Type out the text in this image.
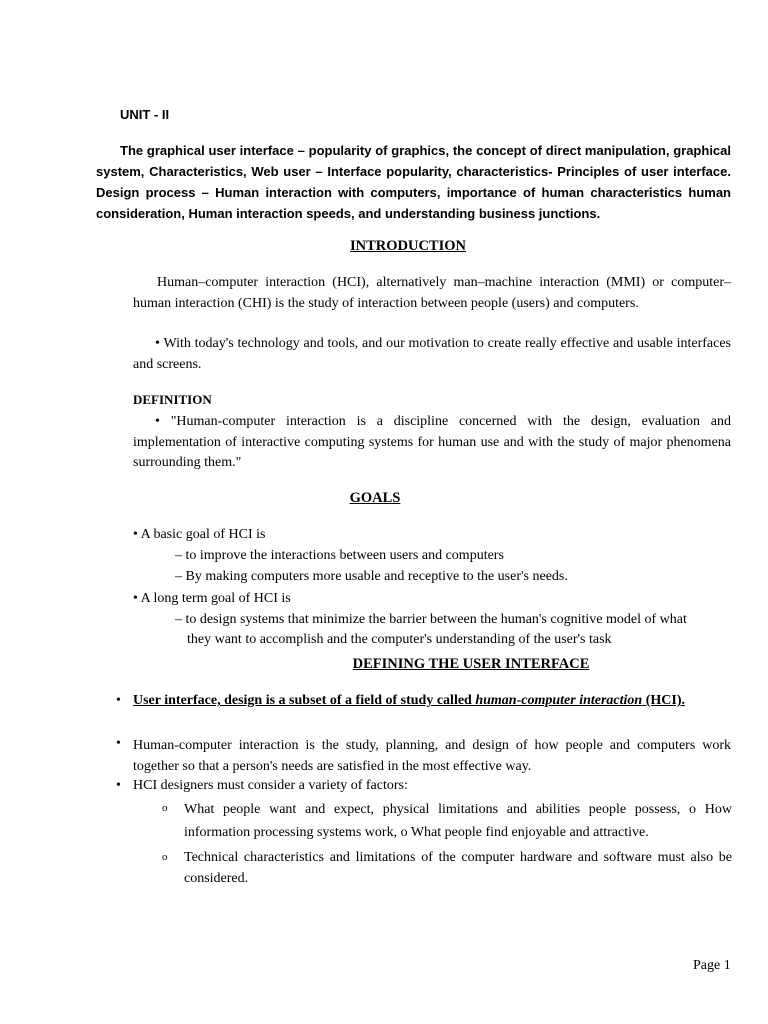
UNIT - II
The graphical user interface – popularity of graphics, the concept of direct manipulation, graphical system, Characteristics, Web user – Interface popularity, characteristics- Principles of user interface. Design process – Human interaction with computers, importance of human characteristics human consideration, Human interaction speeds, and understanding business junctions.
INTRODUCTION
Human–computer interaction (HCI), alternatively man–machine interaction (MMI) or computer– human interaction (CHI) is the study of interaction between people (users) and computers.
• With today's technology and tools, and our motivation to create really effective and usable interfaces and screens.
DEFINITION
• "Human-computer interaction is a discipline concerned with the design, evaluation and implementation of interactive computing systems for human use and with the study of major phenomena surrounding them."
GOALS
• A basic goal of HCI is
– to improve the interactions between users and computers
– By making computers more usable and receptive to the user's needs.
• A long term goal of HCI is
– to design systems that minimize the barrier between the human's cognitive model of what
they want to accomplish and the computer's understanding of the user's task
DEFINING THE USER INTERFACE
• User interface, design is a subset of a field of study called human-computer interaction (HCI).
• Human-computer interaction is the study, planning, and design of how people and computers work together so that a person's needs are satisfied in the most effective way.
• HCI designers must consider a variety of factors:
o What people want and expect, physical limitations and abilities people possess, o How information processing systems work, o What people find enjoyable and attractive.
o Technical characteristics and limitations of the computer hardware and software must also be considered.
Page 1
